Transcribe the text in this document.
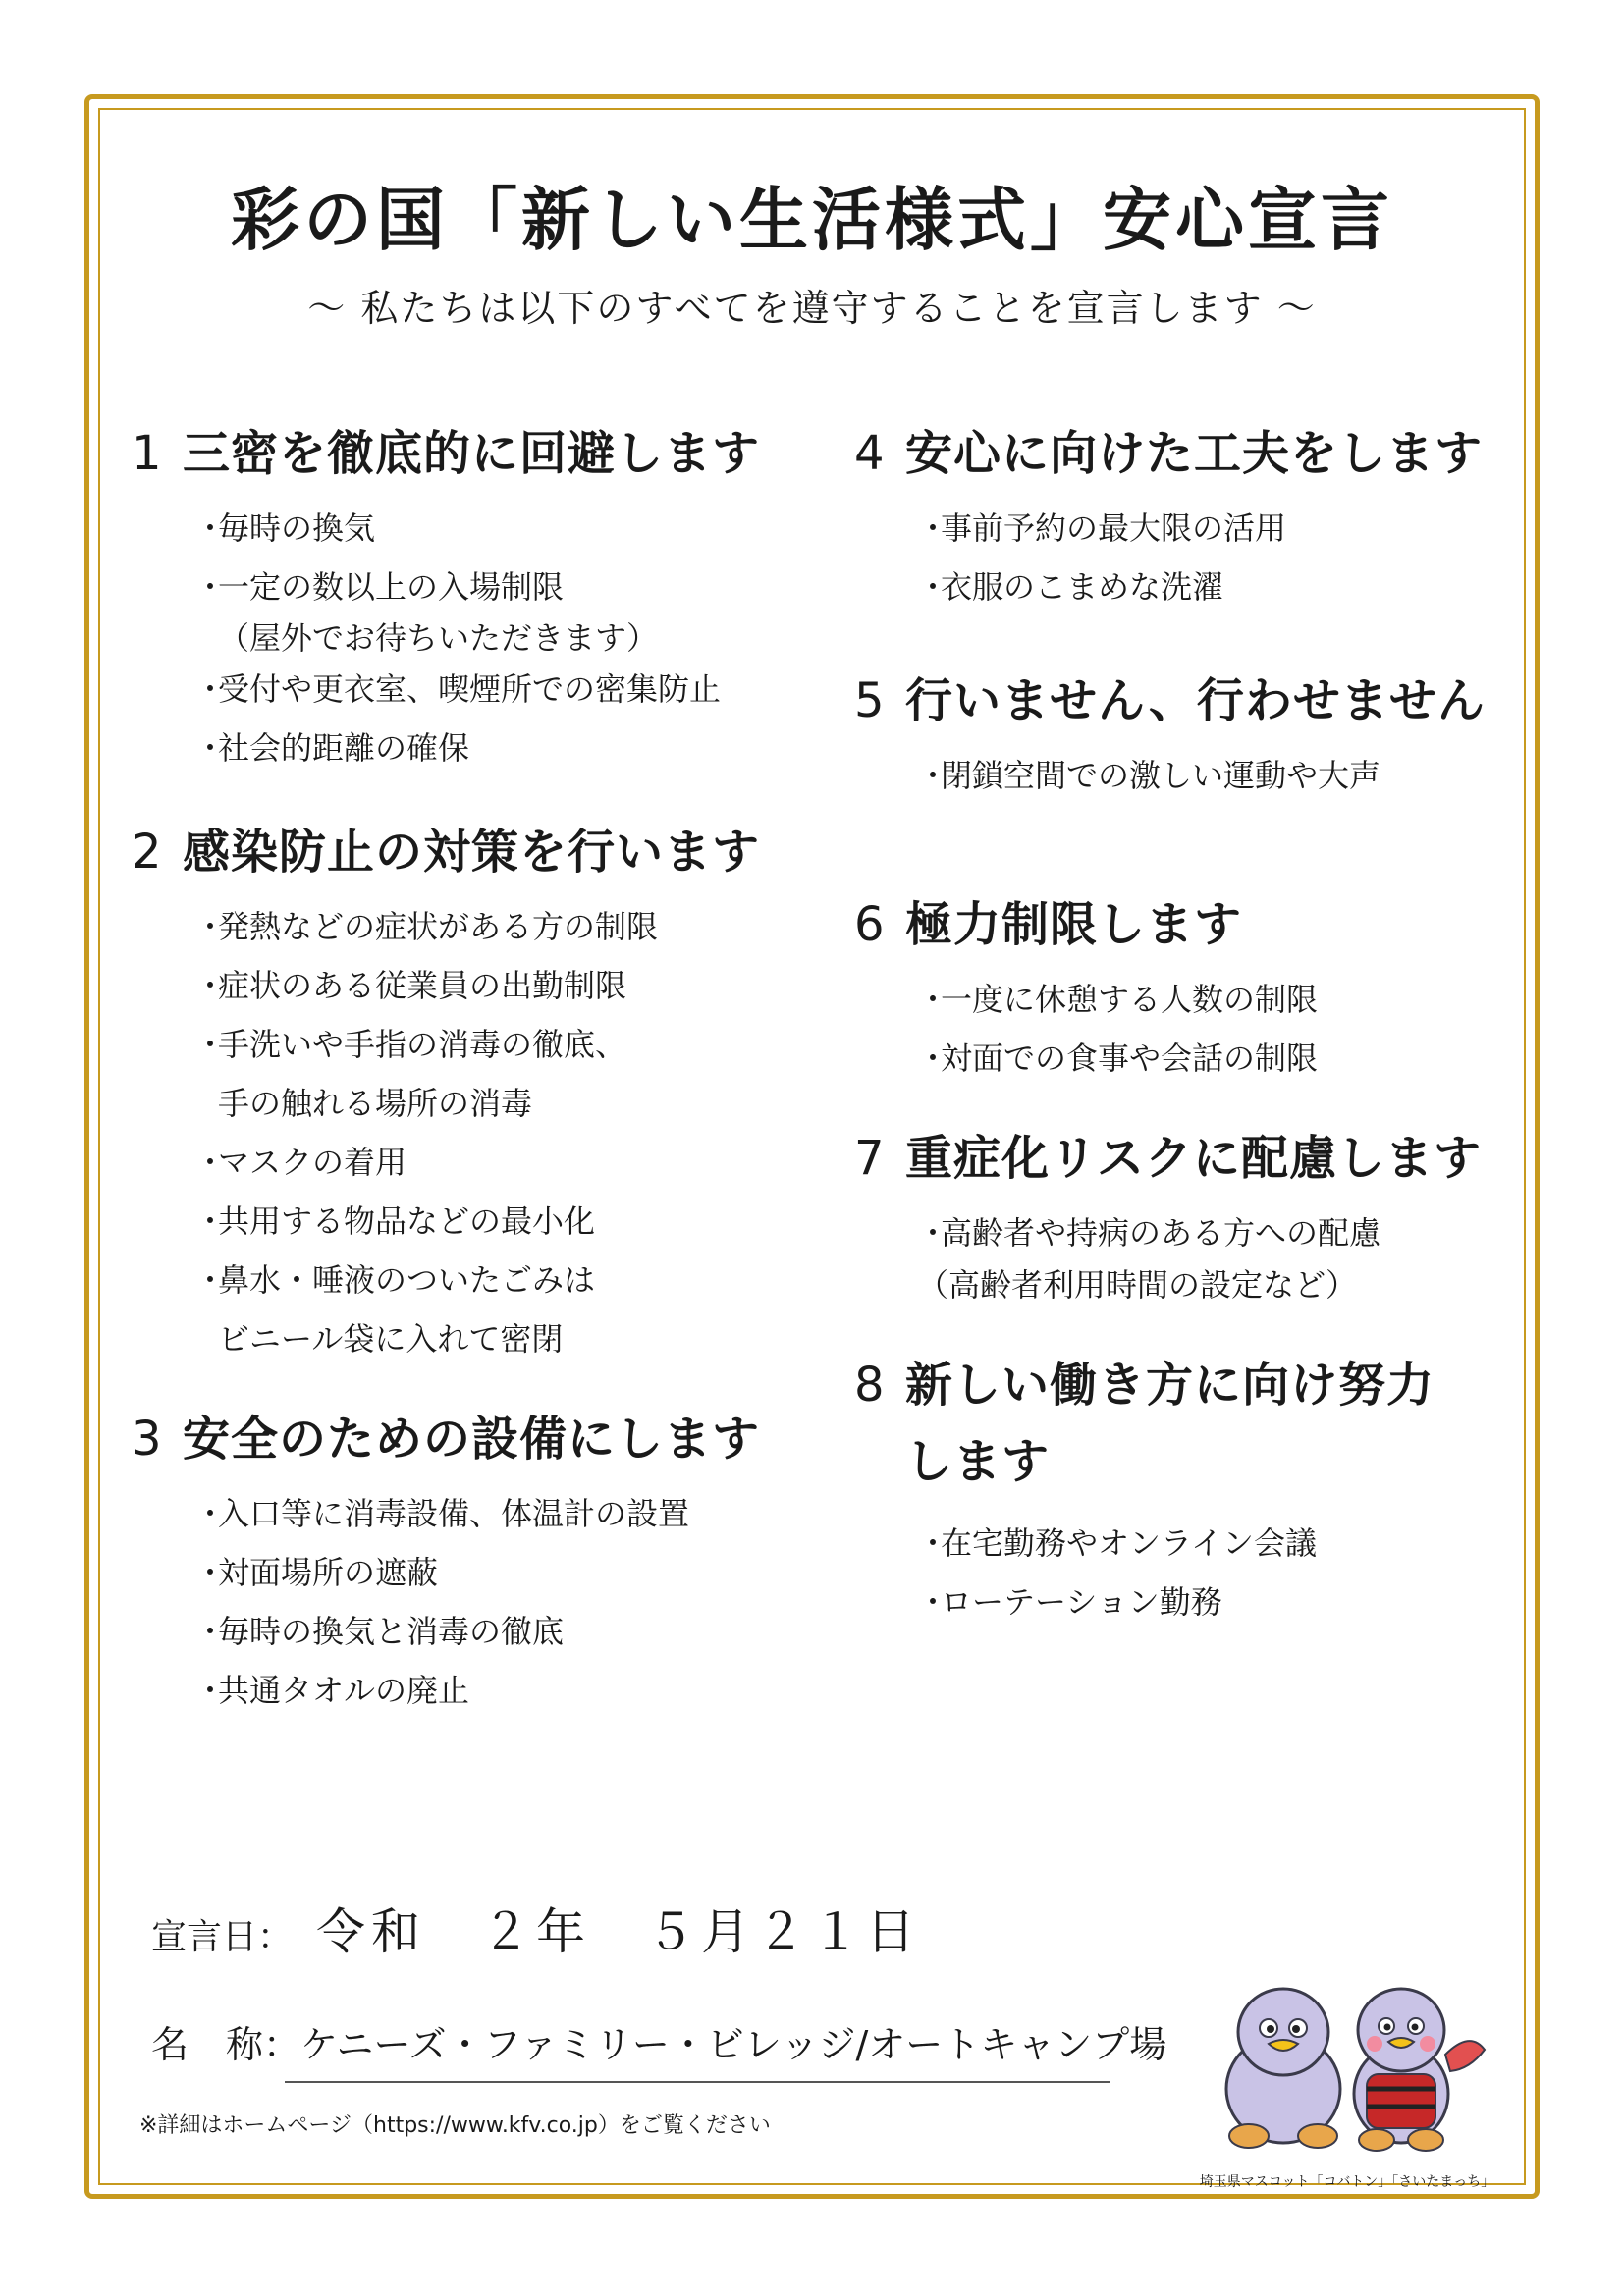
彩の国「新しい生活様式」安心宣言

～ 私たちは以下のすべてを遵守することを宣言します ～

1 三密を徹底的に回避します
・毎時の換気
・一定の数以上の入場制限
（屋外でお待ちいただきます）
・受付や更衣室、喫煙所での密集防止
・社会的距離の確保
2 感染防止の対策を行います
・発熱などの症状がある方の制限
・症状のある従業員の出勤制限
・手洗いや手指の消毒の徹底、
手の触れる場所の消毒
・マスクの着用
・共用する物品などの最小化
・鼻水・唾液のついたごみは
ビニール袋に入れて密閉
3 安全のための設備にします
・入口等に消毒設備、体温計の設置
・対面場所の遮蔽
・毎時の換気と消毒の徹底
・共通タオルの廃止
4 安心に向けた工夫をします
・事前予約の最大限の活用
・衣服のこまめな洗濯
5 行いません、行わせません
・閉鎖空間での激しい運動や大声
6 極力制限します
・一度に休憩する人数の制限
・対面での食事や会話の制限
7 重症化リスクに配慮します
・高齢者や持病のある方への配慮
（高齢者利用時間の設定など）
8 新しい働き方に向け努力
します
・在宅勤務やオンライン会議
・ローテーション勤務

宣言日： 令和　２年　５月２１日

名　称：ケニーズ・ファミリー・ビレッジ/オートキャンプ場

※詳細はホームページ（https://www.kfv.co.jp）をご覧ください

埼玉県マスコット「コバトン」「さいたまっち」
